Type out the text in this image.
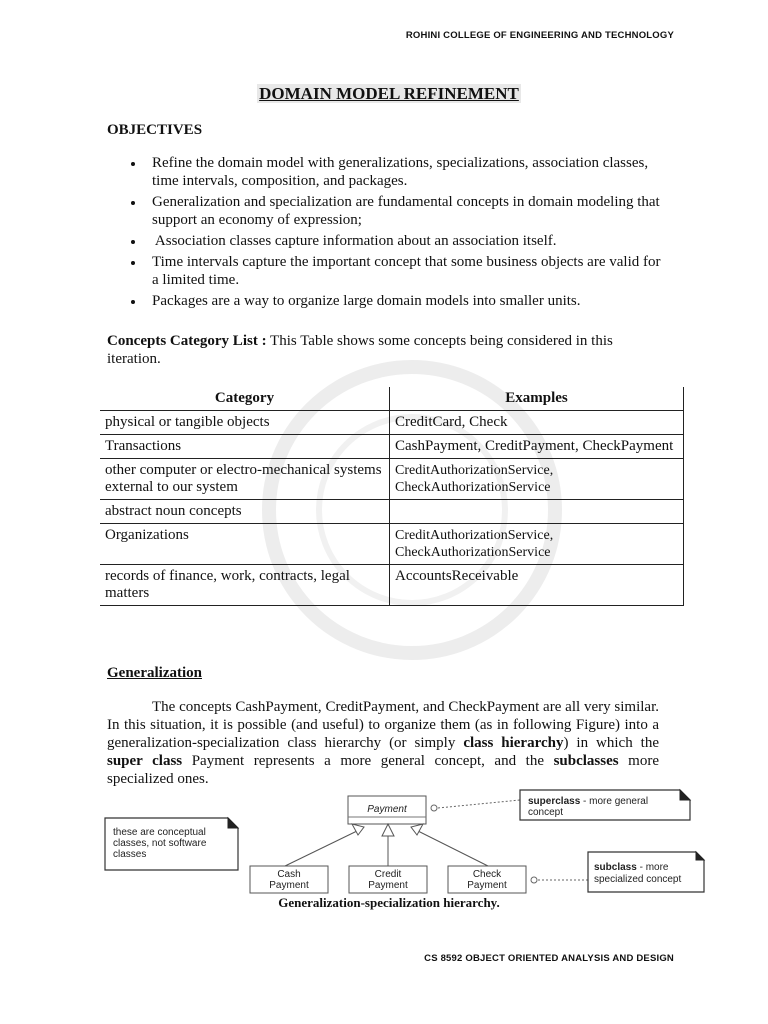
ROHINI COLLEGE OF ENGINEERING AND TECHNOLOGY
DOMAIN MODEL REFINEMENT
OBJECTIVES
Refine the domain model with generalizations, specializations, association classes, time intervals, composition, and packages.
Generalization and specialization are fundamental concepts in domain modeling that support an economy of expression;
Association classes capture information about an association itself.
Time intervals capture the important concept that some business objects are valid for a limited time.
Packages are a way to organize large domain models into smaller units.
Concepts Category List : This Table shows some concepts being considered in this iteration.
Category	Examples
physical or tangible objects	CreditCard, Check
Transactions	CashPayment, CreditPayment, CheckPayment
other computer or electro-mechanical systems external to our system	CreditAuthorizationService, CheckAuthorizationService
abstract noun concepts	
Organizations	CreditAuthorizationService, CheckAuthorizationService
records of finance, work, contracts, legal matters	AccountsReceivable
Generalization
The concepts CashPayment, CreditPayment, and CheckPayment are all very similar. In this situation, it is possible (and useful) to organize them (as in following Figure) into a generalization-specialization class hierarchy (or simply class hierarchy) in which the super class Payment represents a more general concept, and the subclasses more specialized ones.
these are conceptual
classes, not software
classes
Payment
Cash
Payment
Credit
Payment
Check
Payment
superclass - more general
concept
subclass - more
specialized concept
Generalization-specialization hierarchy.
CS 8592 OBJECT ORIENTED ANALYSIS AND DESIGN
